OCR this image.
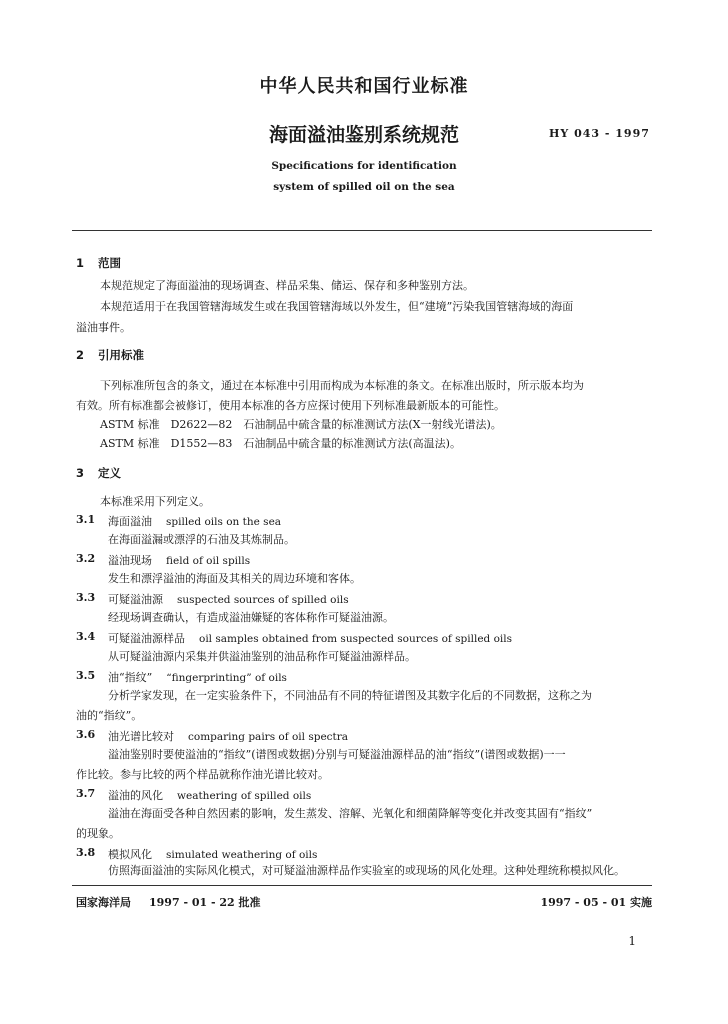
中华人民共和国行业标准
海面溢油鉴别系统规范	HY 043 - 1997
Specifications for identification
system of spilled oil on the sea
1 范围
本规范规定了海面溢油的现场调查、样品采集、储运、保存和多种鉴别方法。
本规范适用于在我国管辖海域发生或在我国管辖海域以外发生，但“建境”污染我国管辖海域的海面
溢油事件。
2 引用标准
下列标准所包含的条文，通过在本标准中引用而构成为本标准的条文。在标准出版时，所示版本均为
有效。所有标准都会被修订，使用本标准的各方应探讨使用下列标准最新版本的可能性。
ASTM 标准　D2622—82　石油制品中硫含量的标准测试方法(X一射线光谱法)。
ASTM 标准　D1552—83　石油制品中硫含量的标准测试方法(高温法)。
3 定义
本标准采用下列定义。
3.1 海面溢油 spilled oils on the sea
在海面溢漏或漂浮的石油及其炼制品。
3.2 溢油现场 field of oil spills
发生和漂浮溢油的海面及其相关的周边环境和客体。
3.3 可疑溢油源 suspected sources of spilled oils
经现场调查确认，有造成溢油嫌疑的客体称作可疑溢油源。
3.4 可疑溢油源样品 oil samples obtained from suspected sources of spilled oils
从可疑溢油源内采集并供溢油鉴别的油品称作可疑溢油源样品。
3.5 油“指纹” “fingerprinting” of oils
分析学家发现，在一定实验条件下，不同油品有不同的特征谱图及其数字化后的不同数据，这称之为
油的“指纹”。
3.6 油光谱比较对 comparing pairs of oil spectra
溢油鉴别时要使溢油的“指纹”(谱图或数据)分别与可疑溢油源样品的油“指纹”(谱图或数据)一一
作比较。参与比较的两个样品就称作油光谱比较对。
3.7 溢油的风化 weathering of spilled oils
溢油在海面受各种自然因素的影响，发生蒸发、溶解、光氧化和细菌降解等变化并改变其固有“指纹”
的现象。
3.8 模拟风化 simulated weathering of oils
仿照海面溢油的实际风化模式，对可疑溢油源样品作实验室的或现场的风化处理。这种处理统称模拟风化。
国家海洋局 1997 - 01 - 22 批准	1997 - 05 - 01 实施
1
